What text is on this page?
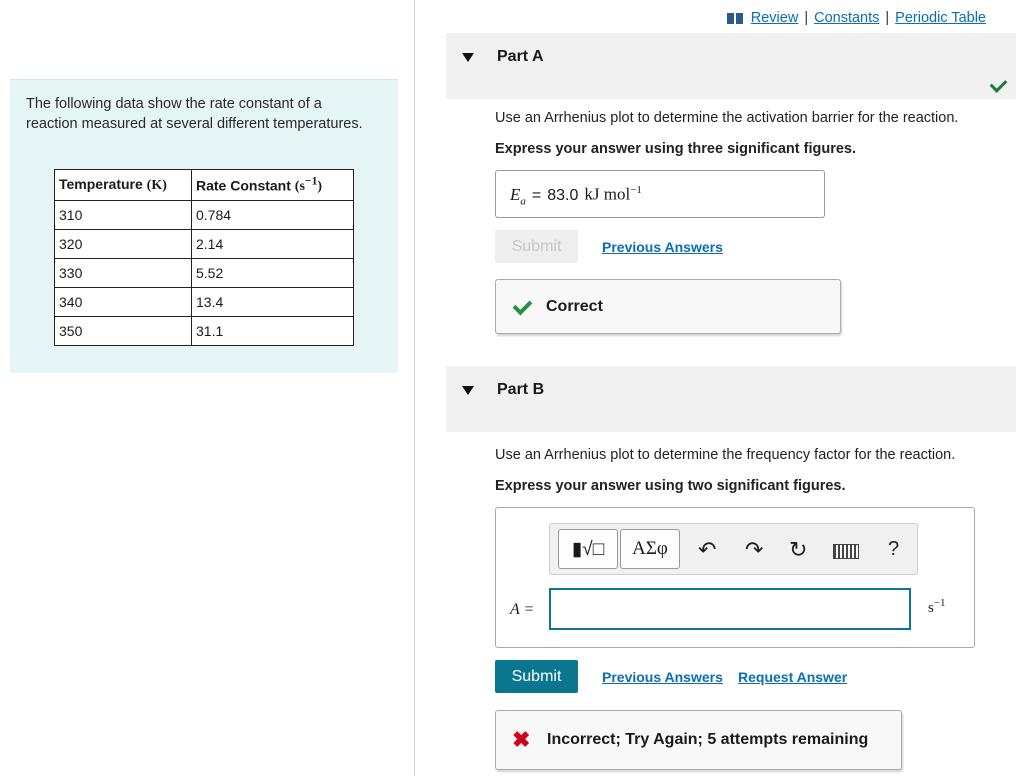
The following data show the rate constant of a reaction measured at several different temperatures.
Temperature (K)	Rate Constant $(s^{-1})$
310	0.784
320	2.14
330	5.52
340	13.4
350	31.1
Review | Constants | Periodic Table
Part A
Use an Arrhenius plot to determine the activation barrier for the reaction.
Express your answer using three significant figures.
$E_a = 83.0$ kJ mol$^{-1}$
Submit	Previous Answers
Correct
Part B
Use an Arrhenius plot to determine the frequency factor for the reaction.
Express your answer using two significant figures.
▮√□	ΑΣφ	↶ ↷ ↻	?
A =	$s^{-1}$
Submit	Previous Answers Request Answer
✖ Incorrect; Try Again; 5 attempts remaining
